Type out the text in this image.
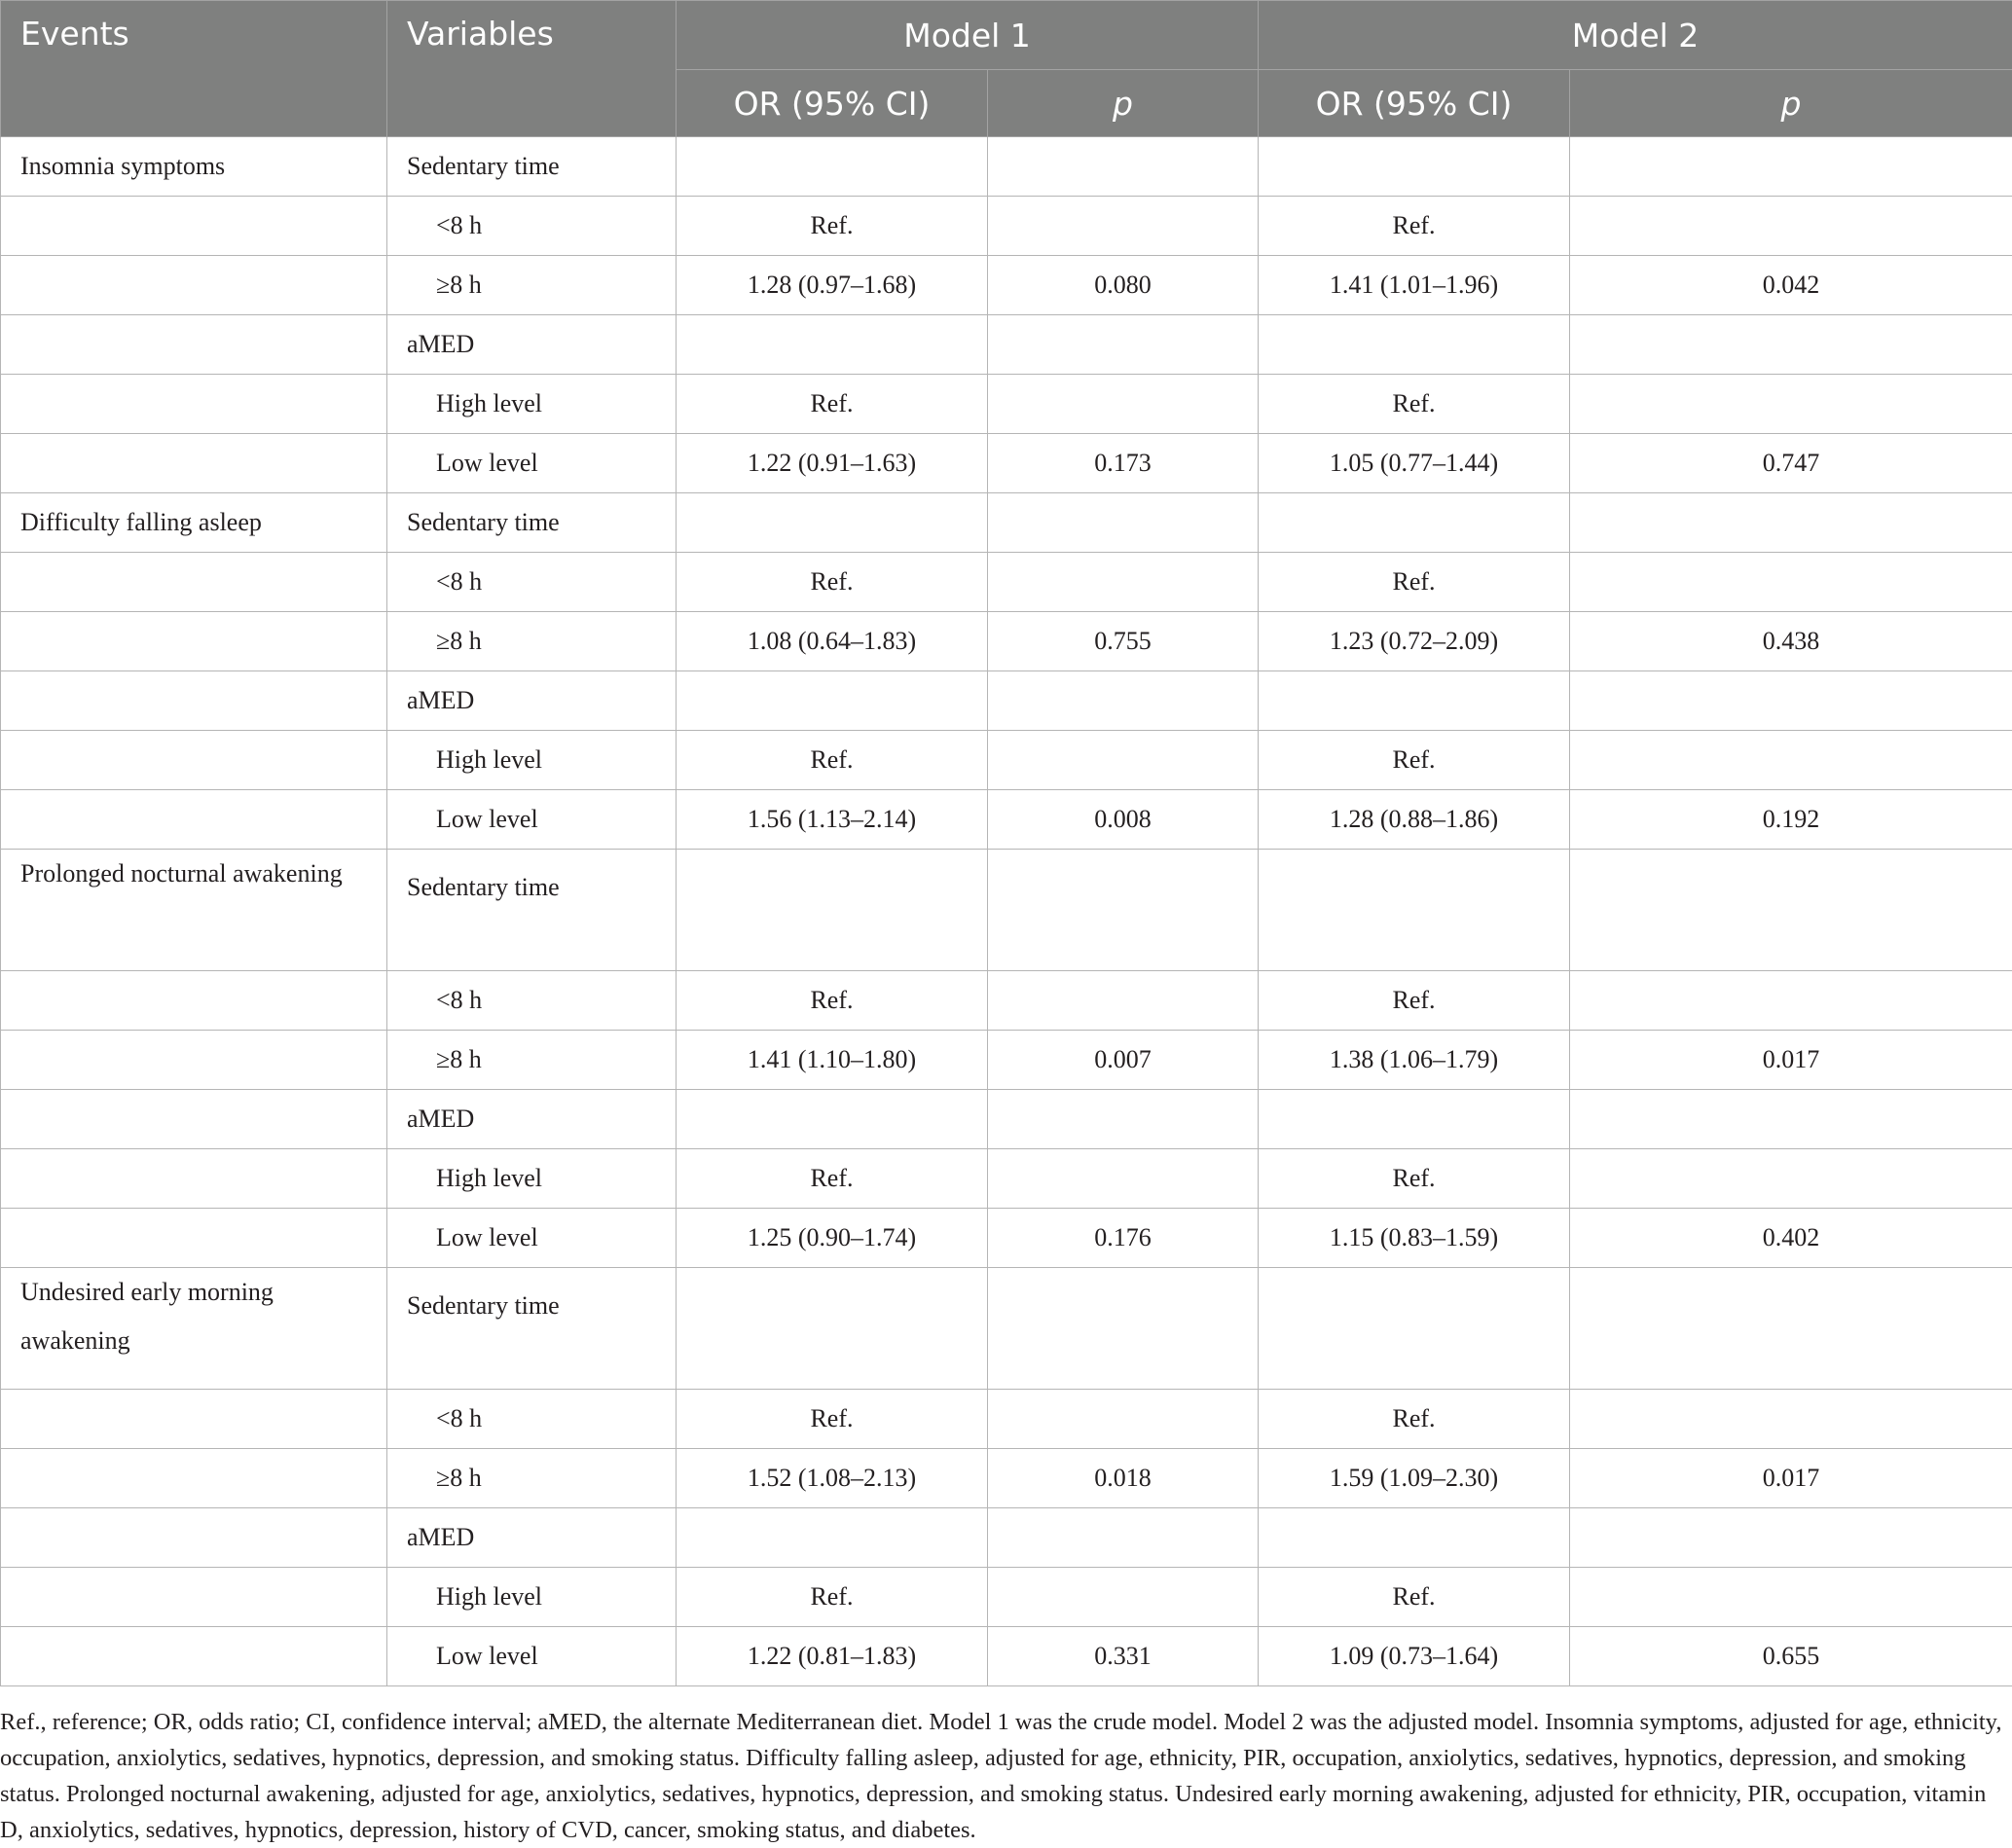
Events	Variables	Model 1		Model 2	
		OR (95% CI)	p	OR (95% CI)	p
Insomnia symptoms	Sedentary time				
	<8 h	Ref.		Ref.	
	≥8 h	1.28 (0.97–1.68)	0.080	1.41 (1.01–1.96)	0.042
	aMED				
	High level	Ref.		Ref.	
	Low level	1.22 (0.91–1.63)	0.173	1.05 (0.77–1.44)	0.747
Difficulty falling asleep	Sedentary time				
	<8 h	Ref.		Ref.	
	≥8 h	1.08 (0.64–1.83)	0.755	1.23 (0.72–2.09)	0.438
	aMED				
	High level	Ref.		Ref.	
	Low level	1.56 (1.13–2.14)	0.008	1.28 (0.88–1.86)	0.192
Prolonged nocturnal awakening	Sedentary time				
	<8 h	Ref.		Ref.	
	≥8 h	1.41 (1.10–1.80)	0.007	1.38 (1.06–1.79)	0.017
	aMED				
	High level	Ref.		Ref.	
	Low level	1.25 (0.90–1.74)	0.176	1.15 (0.83–1.59)	0.402
Undesired early morning awakening	Sedentary time				
	<8 h	Ref.		Ref.	
	≥8 h	1.52 (1.08–2.13)	0.018	1.59 (1.09–2.30)	0.017
	aMED				
	High level	Ref.		Ref.	
	Low level	1.22 (0.81–1.83)	0.331	1.09 (0.73–1.64)	0.655
Ref., reference; OR, odds ratio; CI, confidence interval; aMED, the alternate Mediterranean diet. Model 1 was the crude model. Model 2 was the adjusted model. Insomnia symptoms, adjusted for age, ethnicity, occupation, anxiolytics, sedatives, hypnotics, depression, and smoking status. Difficulty falling asleep, adjusted for age, ethnicity, PIR, occupation, anxiolytics, sedatives, hypnotics, depression, and smoking status. Prolonged nocturnal awakening, adjusted for age, anxiolytics, sedatives, hypnotics, depression, and smoking status. Undesired early morning awakening, adjusted for ethnicity, PIR, occupation, vitamin D, anxiolytics, sedatives, hypnotics, depression, history of CVD, cancer, smoking status, and diabetes.
